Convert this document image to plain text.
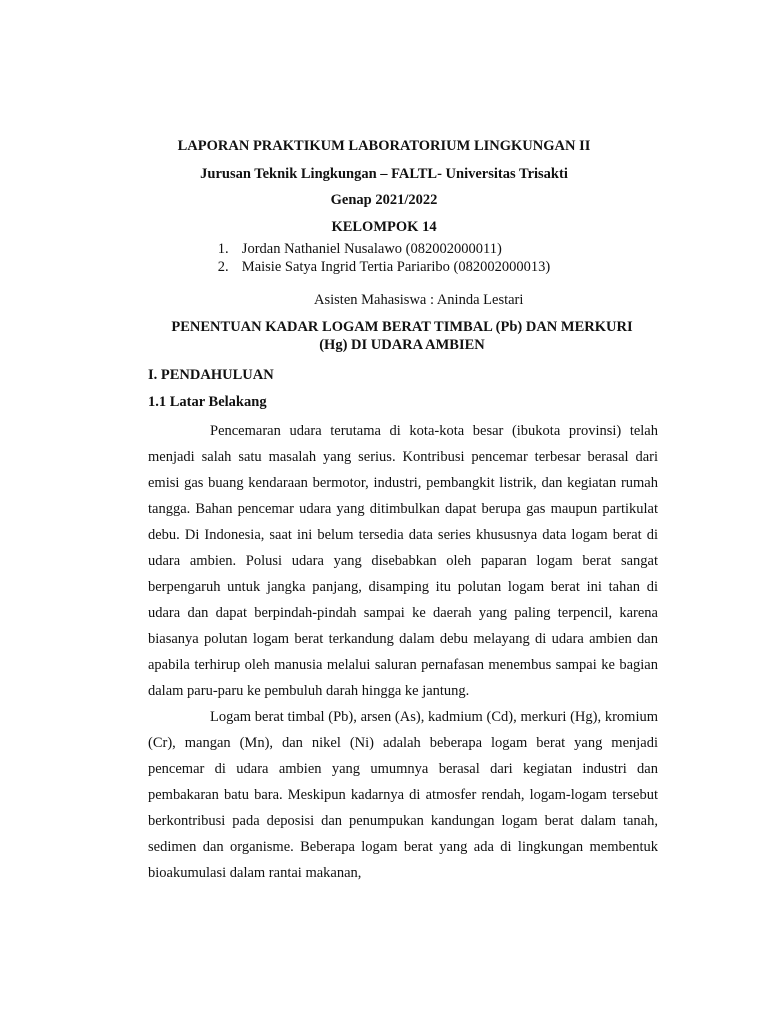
LAPORAN PRAKTIKUM LABORATORIUM LINGKUNGAN II
Jurusan Teknik Lingkungan – FALTL- Universitas Trisakti
Genap 2021/2022
KELOMPOK 14
1. Jordan Nathaniel Nusalawo (082002000011)
2. Maisie Satya Ingrid Tertia Pariaribo (082002000013)
Asisten Mahasiswa : Aninda Lestari
PENENTUAN KADAR LOGAM BERAT TIMBAL (Pb) DAN MERKURI
(Hg) DI UDARA AMBIEN
I. PENDAHULUAN
1.1 Latar Belakang

Pencemaran udara terutama di kota-kota besar (ibukota provinsi) telah menjadi salah satu masalah yang serius. Kontribusi pencemar terbesar berasal dari emisi gas buang kendaraan bermotor, industri, pembangkit listrik, dan kegiatan rumah tangga. Bahan pencemar udara yang ditimbulkan dapat berupa gas maupun partikulat debu. Di Indonesia, saat ini belum tersedia data series khususnya data logam berat di udara ambien. Polusi udara yang disebabkan oleh paparan logam berat sangat berpengaruh untuk jangka panjang, disamping itu polutan logam berat ini tahan di udara dan dapat berpindah-pindah sampai ke daerah yang paling terpencil, karena biasanya polutan logam berat terkandung dalam debu melayang di udara ambien dan apabila terhirup oleh manusia melalui saluran pernafasan menembus sampai ke bagian dalam paru-paru ke pembuluh darah hingga ke jantung.

Logam berat timbal (Pb), arsen (As), kadmium (Cd), merkuri (Hg), kromium (Cr), mangan (Mn), dan nikel (Ni) adalah beberapa logam berat yang menjadi pencemar di udara ambien yang umumnya berasal dari kegiatan industri dan pembakaran batu bara. Meskipun kadarnya di atmosfer rendah, logam-logam tersebut berkontribusi pada deposisi dan penumpukan kandungan logam berat dalam tanah, sedimen dan organisme. Beberapa logam berat yang ada di lingkungan membentuk bioakumulasi dalam rantai makanan,
